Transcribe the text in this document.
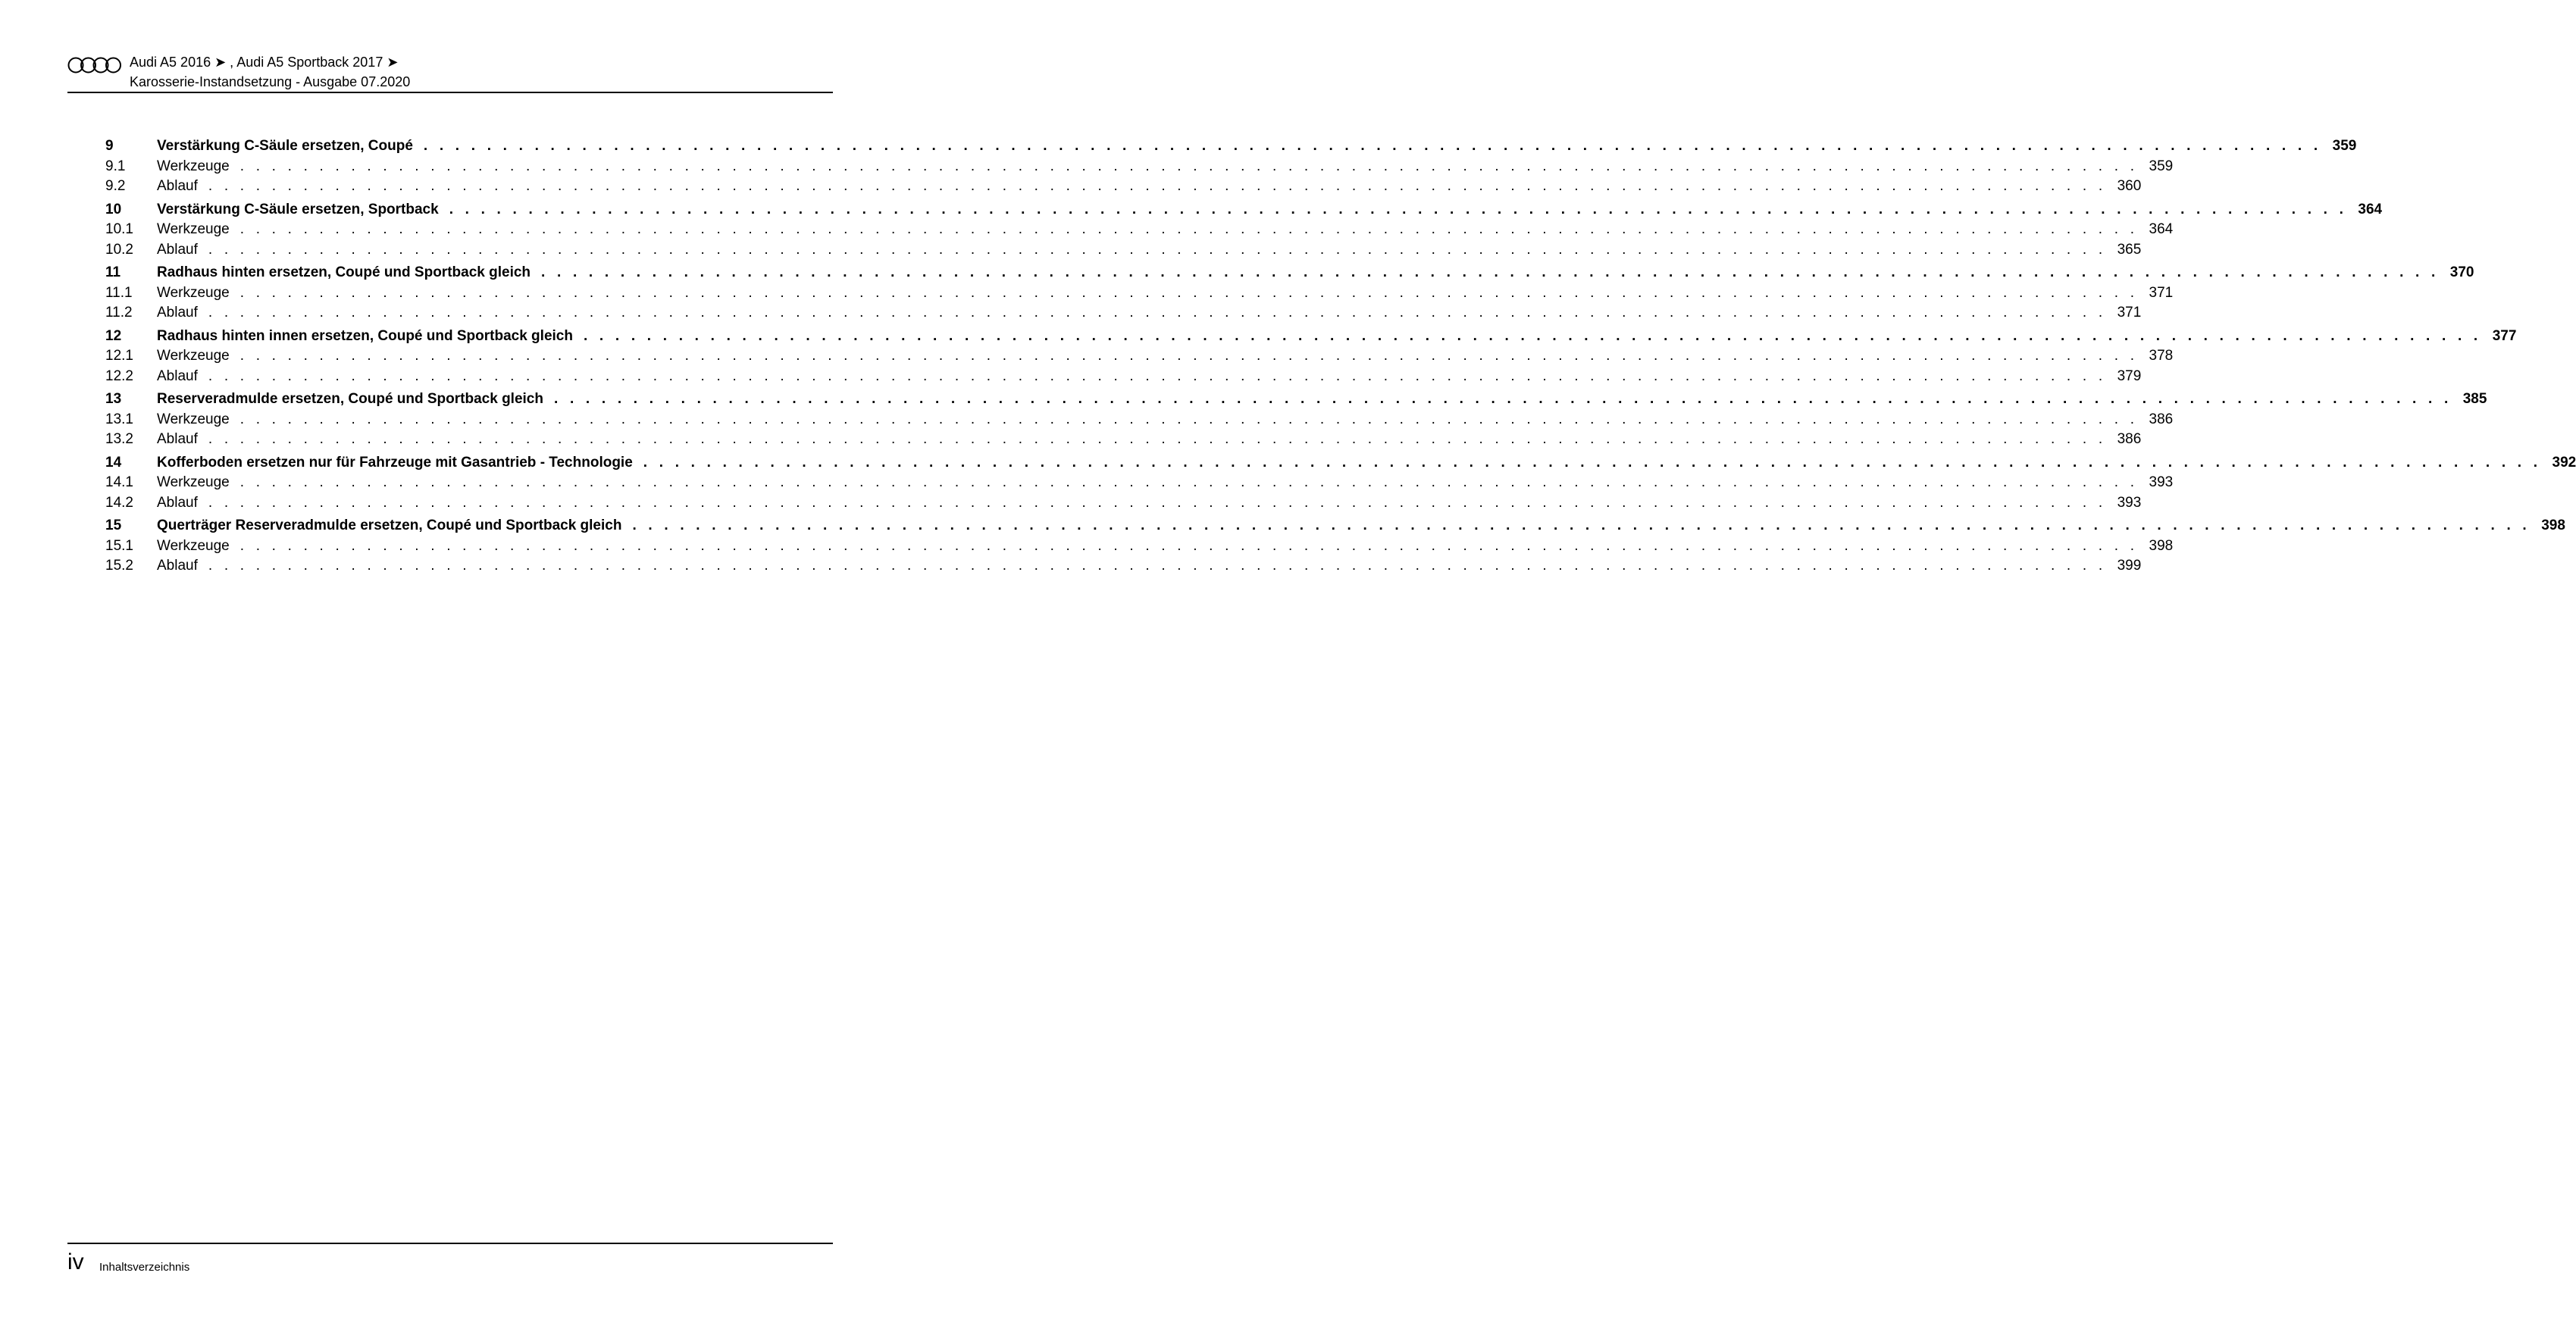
Audi A5 2016 ➤ , Audi A5 Sportback 2017 ➤
Karosserie-Instandsetzung - Ausgabe 07.2020
9	Verstärkung C-Säule ersetzen, Coupé . . . . . . . . . . . . . . . . . . . . . . . . . . . . . . . . . . . . . . . . . . . . . . . . . . . . . . . . . . . . . . . . . . . . . . . . . . . . . . . . . . . . . . . . . . . . . . . . . . . . . . . . . . . . . . . . . . . . . . . . 359
9.1	Werkzeuge . . . . . . . . . . . . . . . . . . . . . . . . . . . . . . . . . . . . . . . . . . . . . . . . . . . . . . . . . . . . . . . . . . . . . . . . . . . . . . . . . . . . . . . . . . . . . . . . . . . . . . . . . . . . . . . . . . . . . . . . 359
9.2	Ablauf . . . . . . . . . . . . . . . . . . . . . . . . . . . . . . . . . . . . . . . . . . . . . . . . . . . . . . . . . . . . . . . . . . . . . . . . . . . . . . . . . . . . . . . . . . . . . . . . . . . . . . . . . . . . . . . . . . . . . . . . 360
10	Verstärkung C-Säule ersetzen, Sportback . . . . . . . . . . . . . . . . . . . . . . . . . . . . . . . . . . . . . . . . . . . . . . . . . . . . . . . . . . . . . . . . . . . . . . . . . . . . . . . . . . . . . . . . . . . . . . . . . . . . . . . . . . . . . . . . . . . . . . . . 364
10.1	Werkzeuge . . . . . . . . . . . . . . . . . . . . . . . . . . . . . . . . . . . . . . . . . . . . . . . . . . . . . . . . . . . . . . . . . . . . . . . . . . . . . . . . . . . . . . . . . . . . . . . . . . . . . . . . . . . . . . . . . . . . . . . . 364
10.2	Ablauf . . . . . . . . . . . . . . . . . . . . . . . . . . . . . . . . . . . . . . . . . . . . . . . . . . . . . . . . . . . . . . . . . . . . . . . . . . . . . . . . . . . . . . . . . . . . . . . . . . . . . . . . . . . . . . . . . . . . . . . . 365
11	Radhaus hinten ersetzen, Coupé und Sportback gleich . . . . . . . . . . . . . . . . . . . . . . . . . . . . . . . . . . . . . . . . . . . . . . . . . . . . . . . . . . . . . . . . . . . . . . . . . . . . . . . . . . . . . . . . . . . . . . . . . . . . . . . . . . . . . . . . . . . . . . . . 370
11.1	Werkzeuge . . . . . . . . . . . . . . . . . . . . . . . . . . . . . . . . . . . . . . . . . . . . . . . . . . . . . . . . . . . . . . . . . . . . . . . . . . . . . . . . . . . . . . . . . . . . . . . . . . . . . . . . . . . . . . . . . . . . . . . . 371
11.2	Ablauf . . . . . . . . . . . . . . . . . . . . . . . . . . . . . . . . . . . . . . . . . . . . . . . . . . . . . . . . . . . . . . . . . . . . . . . . . . . . . . . . . . . . . . . . . . . . . . . . . . . . . . . . . . . . . . . . . . . . . . . . 371
12	Radhaus hinten innen ersetzen, Coupé und Sportback gleich . . . . . . . . . . . . . . . . . . . . . . . . . . . . . . . . . . . . . . . . . . . . . . . . . . . . . . . . . . . . . . . . . . . . . . . . . . . . . . . . . . . . . . . . . . . . . . . . . . . . . . . . . . . . . . . . . . . . . . . . 377
12.1	Werkzeuge . . . . . . . . . . . . . . . . . . . . . . . . . . . . . . . . . . . . . . . . . . . . . . . . . . . . . . . . . . . . . . . . . . . . . . . . . . . . . . . . . . . . . . . . . . . . . . . . . . . . . . . . . . . . . . . . . . . . . . . . 378
12.2	Ablauf . . . . . . . . . . . . . . . . . . . . . . . . . . . . . . . . . . . . . . . . . . . . . . . . . . . . . . . . . . . . . . . . . . . . . . . . . . . . . . . . . . . . . . . . . . . . . . . . . . . . . . . . . . . . . . . . . . . . . . . . 379
13	Reserveradmulde ersetzen, Coupé und Sportback gleich . . . . . . . . . . . . . . . . . . . . . . . . . . . . . . . . . . . . . . . . . . . . . . . . . . . . . . . . . . . . . . . . . . . . . . . . . . . . . . . . . . . . . . . . . . . . . . . . . . . . . . . . . . . . . . . . . . . . . . . . 385
13.1	Werkzeuge . . . . . . . . . . . . . . . . . . . . . . . . . . . . . . . . . . . . . . . . . . . . . . . . . . . . . . . . . . . . . . . . . . . . . . . . . . . . . . . . . . . . . . . . . . . . . . . . . . . . . . . . . . . . . . . . . . . . . . . . 386
13.2	Ablauf . . . . . . . . . . . . . . . . . . . . . . . . . . . . . . . . . . . . . . . . . . . . . . . . . . . . . . . . . . . . . . . . . . . . . . . . . . . . . . . . . . . . . . . . . . . . . . . . . . . . . . . . . . . . . . . . . . . . . . . . 386
14	Kofferboden ersetzen nur für Fahrzeuge mit Gasantrieb - Technologie . . . . . . . . . . . . . . . . . . . . . . . . . . . . . . . . . . . . . . . . . . . . . . . . . . . . . . . . . . . . . . . . . . . . . . . . . . . . . . . . . . . . . . . . . . . . . . . . . . . . . . . . . . . . . . . . . . . . . . . . 392
14.1	Werkzeuge . . . . . . . . . . . . . . . . . . . . . . . . . . . . . . . . . . . . . . . . . . . . . . . . . . . . . . . . . . . . . . . . . . . . . . . . . . . . . . . . . . . . . . . . . . . . . . . . . . . . . . . . . . . . . . . . . . . . . . . . 393
14.2	Ablauf . . . . . . . . . . . . . . . . . . . . . . . . . . . . . . . . . . . . . . . . . . . . . . . . . . . . . . . . . . . . . . . . . . . . . . . . . . . . . . . . . . . . . . . . . . . . . . . . . . . . . . . . . . . . . . . . . . . . . . . . 393
15	Querträger Reserveradmulde ersetzen, Coupé und Sportback gleich . . . . . . . . . . . . . . . . . . . . . . . . . . . . . . . . . . . . . . . . . . . . . . . . . . . . . . . . . . . . . . . . . . . . . . . . . . . . . . . . . . . . . . . . . . . . . . . . . . . . . . . . . . . . . . . . . . . . . . . . 398
15.1	Werkzeuge . . . . . . . . . . . . . . . . . . . . . . . . . . . . . . . . . . . . . . . . . . . . . . . . . . . . . . . . . . . . . . . . . . . . . . . . . . . . . . . . . . . . . . . . . . . . . . . . . . . . . . . . . . . . . . . . . . . . . . . . 398
15.2	Ablauf . . . . . . . . . . . . . . . . . . . . . . . . . . . . . . . . . . . . . . . . . . . . . . . . . . . . . . . . . . . . . . . . . . . . . . . . . . . . . . . . . . . . . . . . . . . . . . . . . . . . . . . . . . . . . . . . . . . . . . . . 399
iv Inhaltsverzeichnis
